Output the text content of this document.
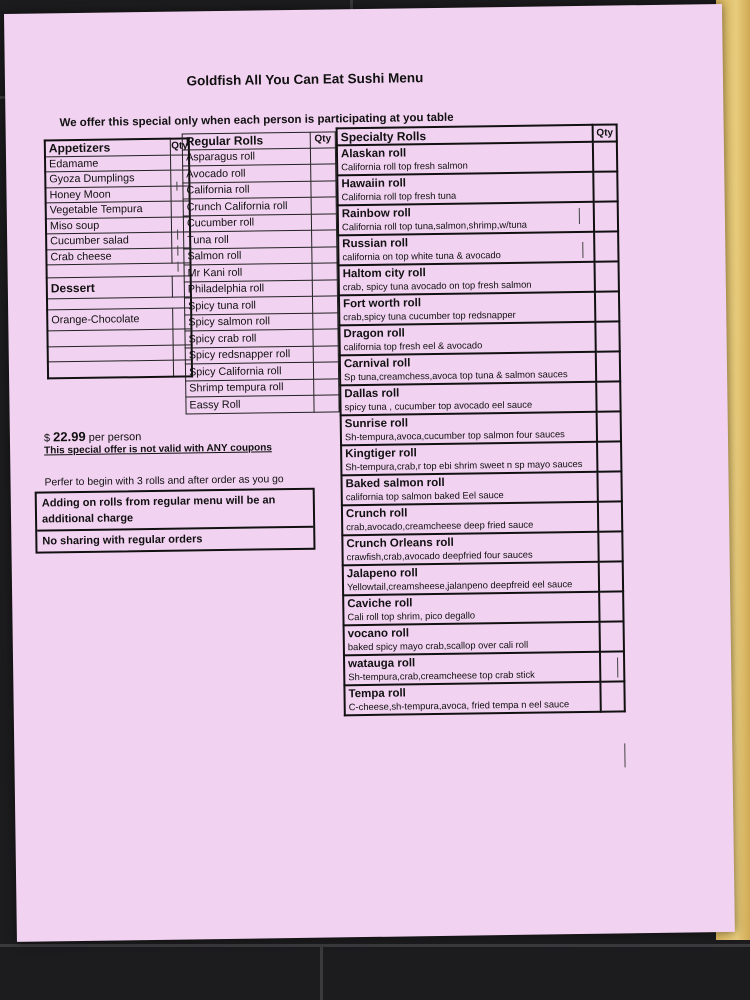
Goldfish All You Can Eat Sushi Menu
We offer this special only when each person is participating at you table
Appetizers	Qty
Edamame	
Gyoza Dumplings	
Honey Moon	
Vegetable Tempura	
Miso soup	
Cucumber salad	
Crab cheese	

Dessert	

Orange-Chocolate	

Regular Rolls	Qty
Asparagus roll	
Avocado roll	
California roll	
Crunch California roll	
Cucumber roll	
Tuna roll	
Salmon roll	
Mr Kani roll	
Philadelphia roll	
Spicy tuna roll	
Spicy salmon roll	
Spicy crab roll	
Spicy redsnapper roll	
Spicy California roll	
Shrimp tempura roll	
Eassy Roll	
Specialty Rolls	Qty

Alaskan roll
California roll top fresh salmon	

Hawaiin roll
California roll top fresh tuna	

Rainbow roll
California roll top tuna,salmon,shrimp,w/tuna	

Russian roll
california on top white tuna & avocado	

Haltom city roll
crab, spicy tuna avocado on top fresh salmon	

Fort worth roll
crab,spicy tuna cucumber top redsnapper	

Dragon roll
california top fresh eel & avocado	

Carnival roll
Sp tuna,creamchess,avoca top tuna & salmon sauces	

Dallas roll
spicy tuna , cucumber top avocado eel sauce	

Sunrise roll
Sh-tempura,avoca,cucumber top salmon four sauces	

Kingtiger roll
Sh-tempura,crab,r top ebi shrim sweet n sp mayo sauces	

Baked salmon roll
california top salmon baked Eel sauce	

Crunch roll
crab,avocado,creamcheese deep fried sauce	

Crunch Orleans roll
crawfish,crab,avocado deepfried four sauces	

Jalapeno roll
Yellowtail,creamsheese,jalanpeno deepfreid eel sauce	

Caviche roll
Cali roll top shrim, pico degallo	

vocano roll
baked spicy mayo crab,scallop over cali roll	

watauga roll
Sh-tempura,crab,creamcheese top crab stick	

Tempa roll
C-cheese,sh-tempura,avoca, fried tempa n eel sauce	

$ 22.99 per person
This special offer is not valid with ANY coupons
Perfer to begin with 3 rolls and after order as you go
Adding on rolls from regular menu will be an additional charge
No sharing with regular orders
